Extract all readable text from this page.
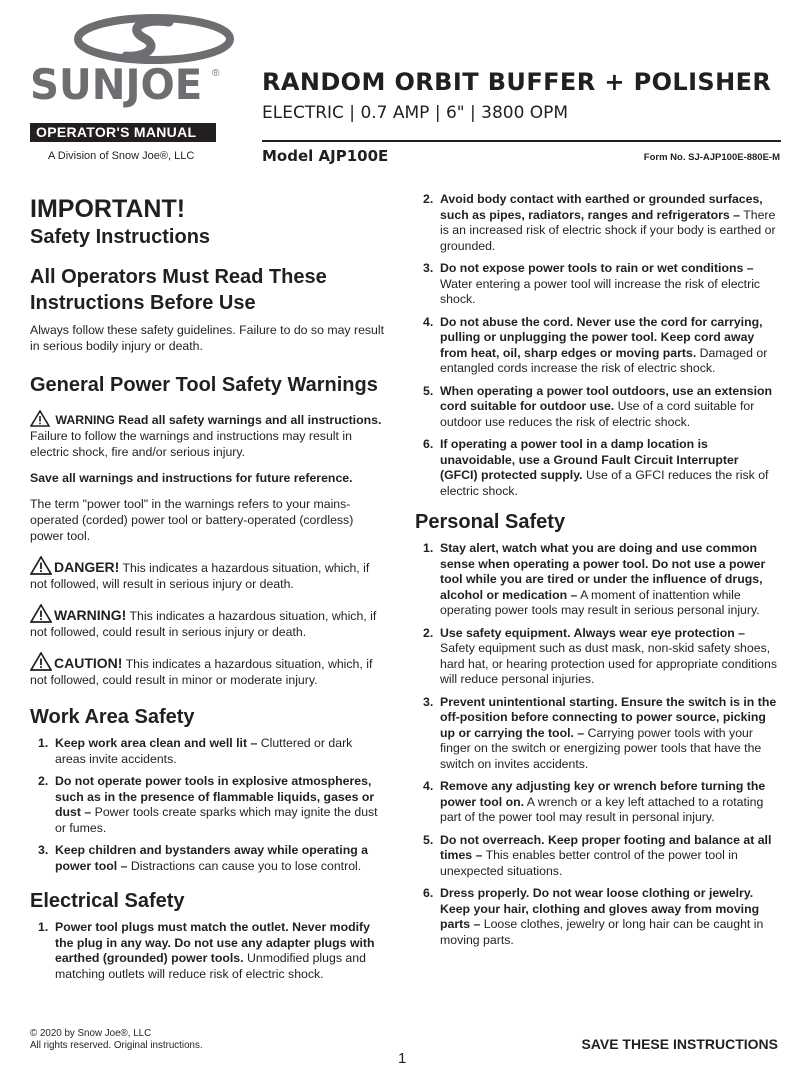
SUNJOE ®
OPERATOR'S MANUAL
A Division of Snow Joe®, LLC
RANDOM ORBIT BUFFER + POLISHER
ELECTRIC | 0.7 AMP | 6" | 3800 OPM
Model AJP100E	Form No. SJ-AJP100E-880E-M
IMPORTANT!
Safety Instructions
All Operators Must Read These Instructions Before Use

Always follow these safety guidelines. Failure to do so may result in serious bodily injury or death.

General Power Tool Safety Warnings

WARNING Read all safety warnings and all instructions. Failure to follow the warnings and instructions may result in electric shock, fire and/or serious injury.

Save all warnings and instructions for future reference.

The term "power tool" in the warnings refers to your mains-operated (corded) power tool or battery-operated (cordless) power tool.

DANGER! This indicates a hazardous situation, which, if not followed, will result in serious injury or death.

WARNING! This indicates a hazardous situation, which, if not followed, could result in serious injury or death.

CAUTION! This indicates a hazardous situation, which, if not followed, could result in minor or moderate injury.

Work Area Safety
1. Keep work area clean and well lit – Cluttered or dark areas invite accidents.
2. Do not operate power tools in explosive atmospheres, such as in the presence of flammable liquids, gases or dust – Power tools create sparks which may ignite the dust or fumes.
3. Keep children and bystanders away while operating a power tool – Distractions can cause you to lose control.
Electrical Safety
1. Power tool plugs must match the outlet. Never modify the plug in any way. Do not use any adapter plugs with earthed (grounded) power tools. Unmodified plugs and matching outlets will reduce risk of electric shock.
2. Avoid body contact with earthed or grounded surfaces, such as pipes, radiators, ranges and refrigerators – There is an increased risk of electric shock if your body is earthed or grounded.
3. Do not expose power tools to rain or wet conditions – Water entering a power tool will increase the risk of electric shock.
4. Do not abuse the cord. Never use the cord for carrying, pulling or unplugging the power tool. Keep cord away from heat, oil, sharp edges or moving parts. Damaged or entangled cords increase the risk of electric shock.
5. When operating a power tool outdoors, use an extension cord suitable for outdoor use. Use of a cord suitable for outdoor use reduces the risk of electric shock.
6. If operating a power tool in a damp location is unavoidable, use a Ground Fault Circuit Interrupter (GFCI) protected supply. Use of a GFCI reduces the risk of electric shock.
Personal Safety
1. Stay alert, watch what you are doing and use common sense when operating a power tool. Do not use a power tool while you are tired or under the influence of drugs, alcohol or medication – A moment of inattention while operating power tools may result in serious personal injury.
2. Use safety equipment. Always wear eye protection – Safety equipment such as dust mask, non-skid safety shoes, hard hat, or hearing protection used for appropriate conditions will reduce personal injuries.
3. Prevent unintentional starting. Ensure the switch is in the off-position before connecting to power source, picking up or carrying the tool. – Carrying power tools with your finger on the switch or energizing power tools that have the switch on invites accidents.
4. Remove any adjusting key or wrench before turning the power tool on. A wrench or a key left attached to a rotating part of the power tool may result in personal injury.
5. Do not overreach. Keep proper footing and balance at all times – This enables better control of the power tool in unexpected situations.
6. Dress properly. Do not wear loose clothing or jewelry. Keep your hair, clothing and gloves away from moving parts – Loose clothes, jewelry or long hair can be caught in moving parts.
© 2020 by Snow Joe®, LLC
All rights reserved. Original instructions.
1
SAVE THESE INSTRUCTIONS
